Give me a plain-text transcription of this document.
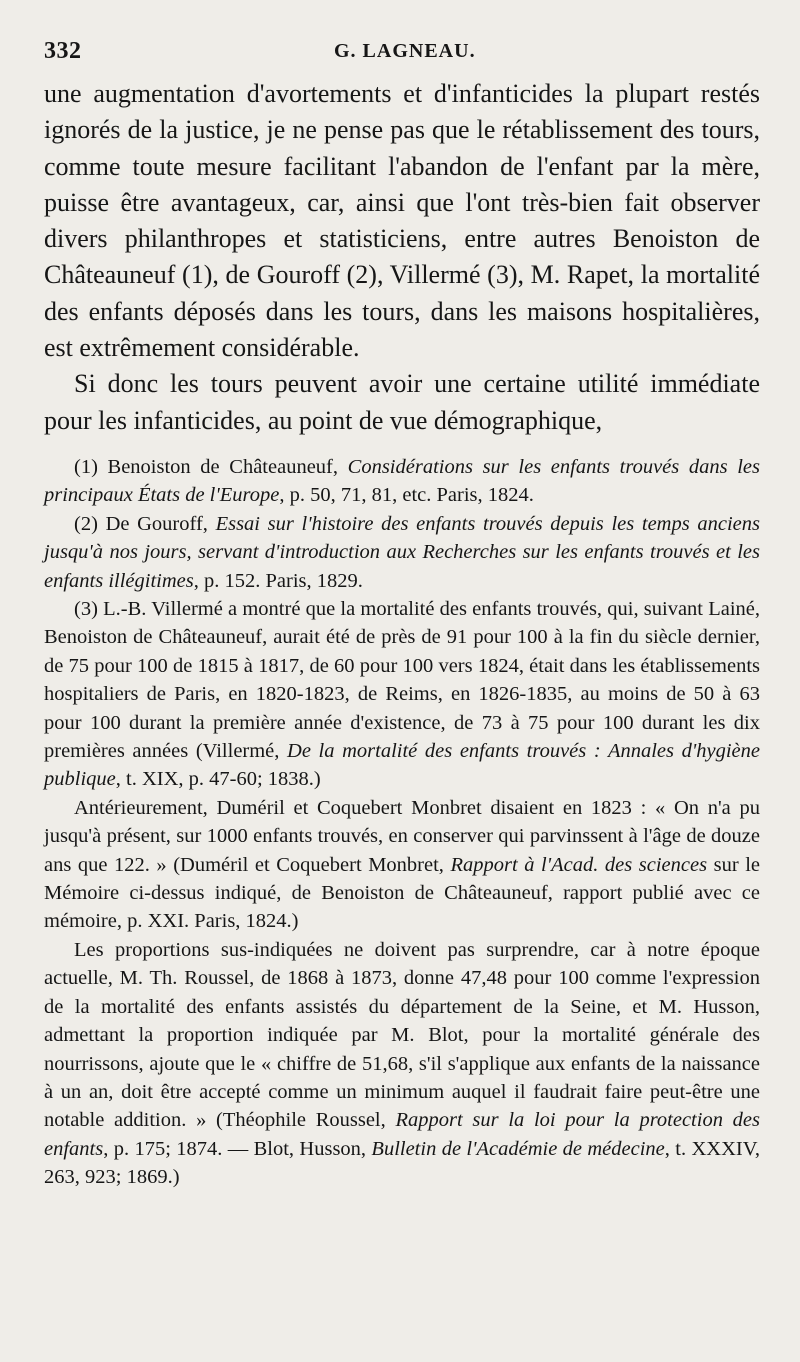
332	G. LAGNEAU.

une augmentation d'avortements et d'infanticides la plupart restés ignorés de la justice, je ne pense pas que le rétablissement des tours, comme toute mesure facilitant l'abandon de l'enfant par la mère, puisse être avantageux, car, ainsi que l'ont très-bien fait observer divers philanthropes et statisticiens, entre autres Benoiston de Châteauneuf (1), de Gouroff (2), Villermé (3), M. Rapet, la mortalité des enfants déposés dans les tours, dans les maisons hospitalières, est extrêmement considérable.

Si donc les tours peuvent avoir une certaine utilité immédiate pour les infanticides, au point de vue démographique,

(1) Benoiston de Châteauneuf, Considérations sur les enfants trouvés dans les principaux États de l'Europe, p. 50, 71, 81, etc. Paris, 1824.

(2) De Gouroff, Essai sur l'histoire des enfants trouvés depuis les temps anciens jusqu'à nos jours, servant d'introduction aux Recherches sur les enfants trouvés et les enfants illégitimes, p. 152. Paris, 1829.

(3) L.-B. Villermé a montré que la mortalité des enfants trouvés, qui, suivant Lainé, Benoiston de Châteauneuf, aurait été de près de 91 pour 100 à la fin du siècle dernier, de 75 pour 100 de 1815 à 1817, de 60 pour 100 vers 1824, était dans les établissements hospitaliers de Paris, en 1820-1823, de Reims, en 1826-1835, au moins de 50 à 63 pour 100 durant la première année d'existence, de 73 à 75 pour 100 durant les dix premières années (Villermé, De la mortalité des enfants trouvés : Annales d'hygiène publique, t. XIX, p. 47-60; 1838.)

Antérieurement, Duméril et Coquebert Monbret disaient en 1823 : « On n'a pu jusqu'à présent, sur 1000 enfants trouvés, en conserver qui parvinssent à l'âge de douze ans que 122. » (Duméril et Coquebert Monbret, Rapport à l'Acad. des sciences sur le Mémoire ci-dessus indiqué, de Benoiston de Châteauneuf, rapport publié avec ce mémoire, p. XXI. Paris, 1824.)

Les proportions sus-indiquées ne doivent pas surprendre, car à notre époque actuelle, M. Th. Roussel, de 1868 à 1873, donne 47,48 pour 100 comme l'expression de la mortalité des enfants assistés du département de la Seine, et M. Husson, admettant la proportion indiquée par M. Blot, pour la mortalité générale des nourrissons, ajoute que le « chiffre de 51,68, s'il s'applique aux enfants de la naissance à un an, doit être accepté comme un minimum auquel il faudrait faire peut-être une notable addition. » (Théophile Roussel, Rapport sur la loi pour la protection des enfants, p. 175; 1874. — Blot, Husson, Bulletin de l'Académie de médecine, t. XXXIV, 263, 923; 1869.)
